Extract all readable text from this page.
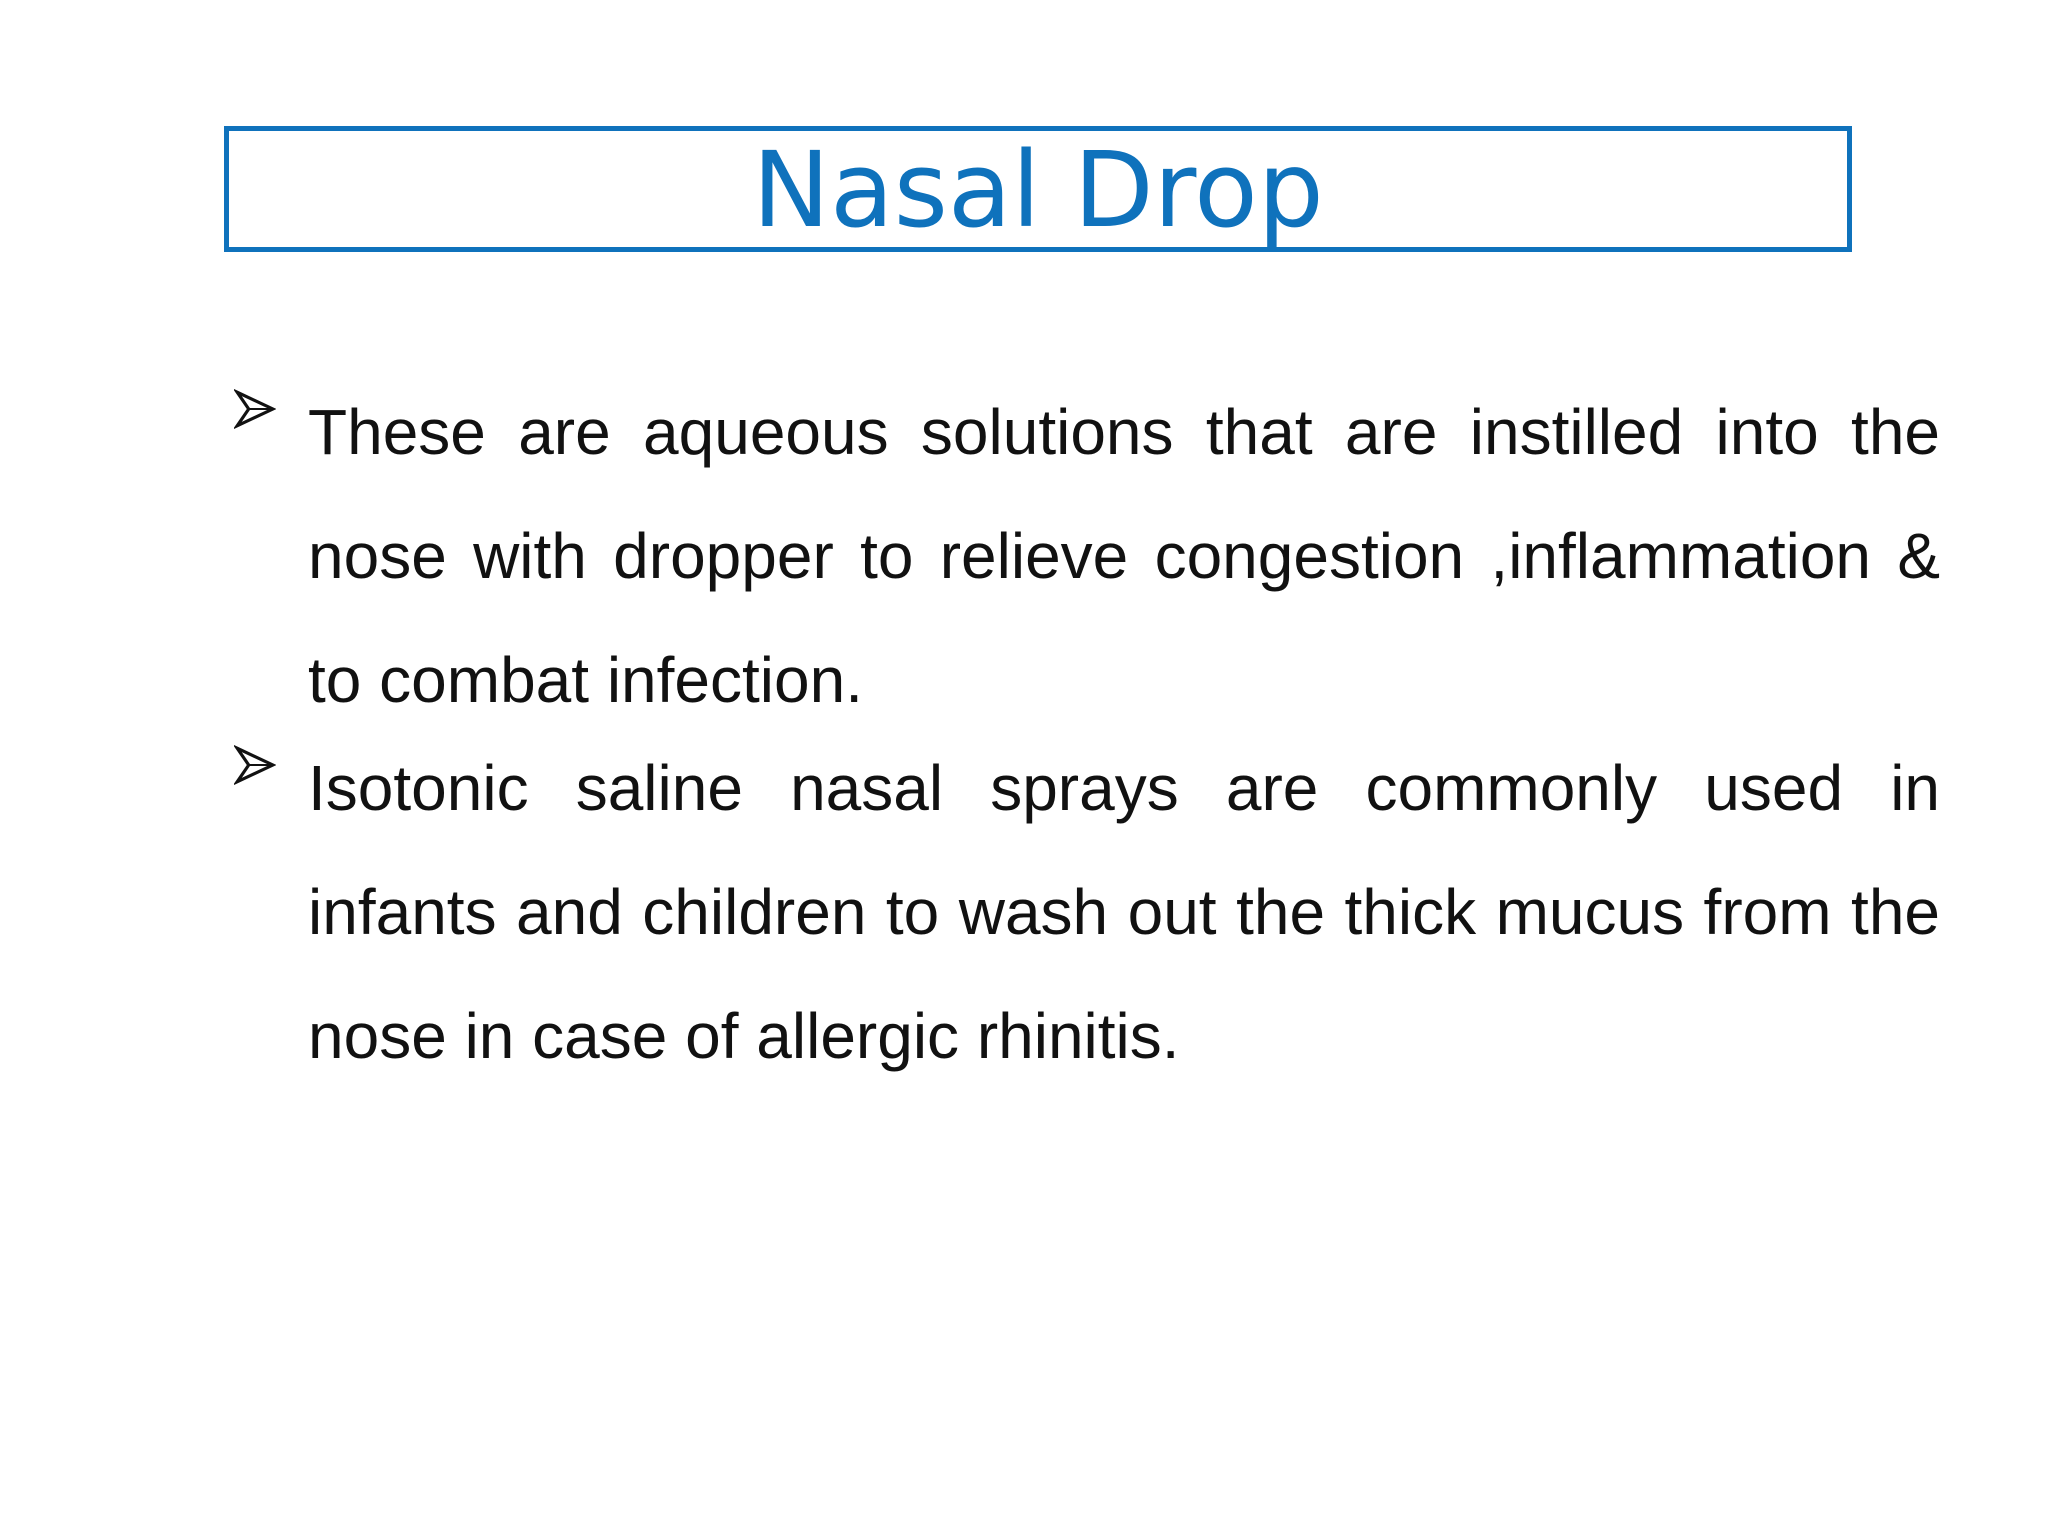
Nasal Drop
These are aqueous solutions that are instilled into the nose with dropper to relieve congestion ,inflammation & to combat infection.
Isotonic saline nasal sprays are commonly used in infants and children to wash out the thick mucus from the nose in case of allergic rhinitis.
